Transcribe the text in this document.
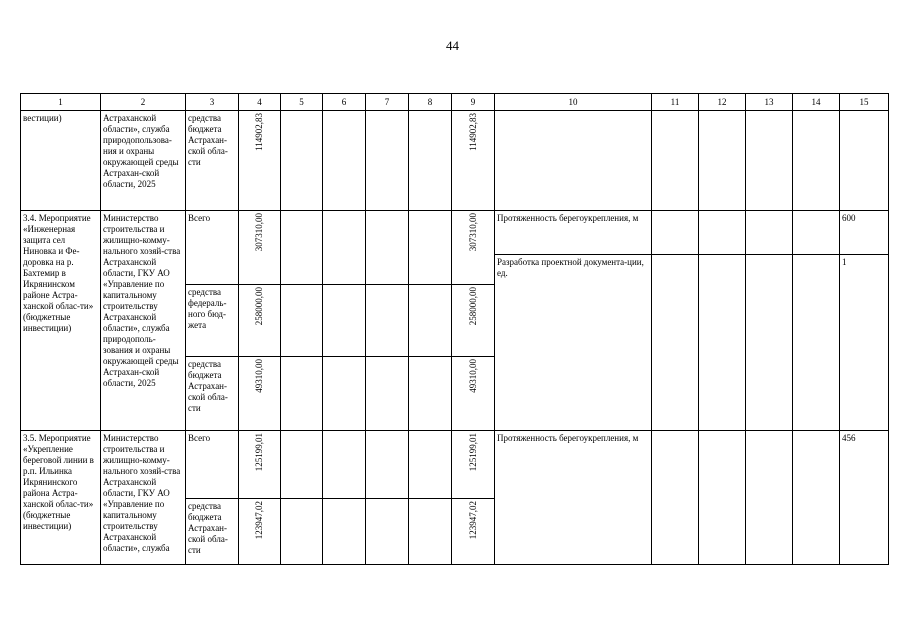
44
1	2	3	4	5	6	7	8	9	10	11	12	13	14	15
вестиции)	Астраханской области», служба природопользова-ния и охраны окружающей среды Астрахан-ской области, 2025	средства бюджета Астрахан-ской обла-сти	114902,83					114902,83						

3.4. Мероприятие «Инженерная защита сел Ниновка и Фе-доровка на р. Бахтемир в Икрянинском районе Астра-ханской облас-ти» (бюджетные инвестиции)	Министерство строительства и жилищно-комму-нального хозяй-ства Астраханской области, ГКУ АО «Управление по капитальному строительству Астраханской области», служба природополь-зования и охраны окружающей среды Астрахан-ской области, 2025	Всего	307310,00					307310,00	Протяженность берегоукрепления, м					600
									Разработка проектной документа-ции, ед.					1
		средства федераль-ного бюд-жета	258000,00					258000,00						

		средства бюджета Астрахан-ской обла-сти	49310,00					49310,00						

3.5. Мероприятие «Укрепление береговой линии в р.п. Ильинка Икрянинского района Астра-ханской облас-ти» (бюджетные инвестиции)	Министерство строительства и жилищно-комму-нального хозяй-ства Астраханской области, ГКУ АО «Управление по капитальному строительству Астраханской области», служба	Всего	125199,01					125199,01	Протяженность берегоукрепления, м					456
		средства бюджета Астрахан-ской обла-сти	123947,02					123947,02						
